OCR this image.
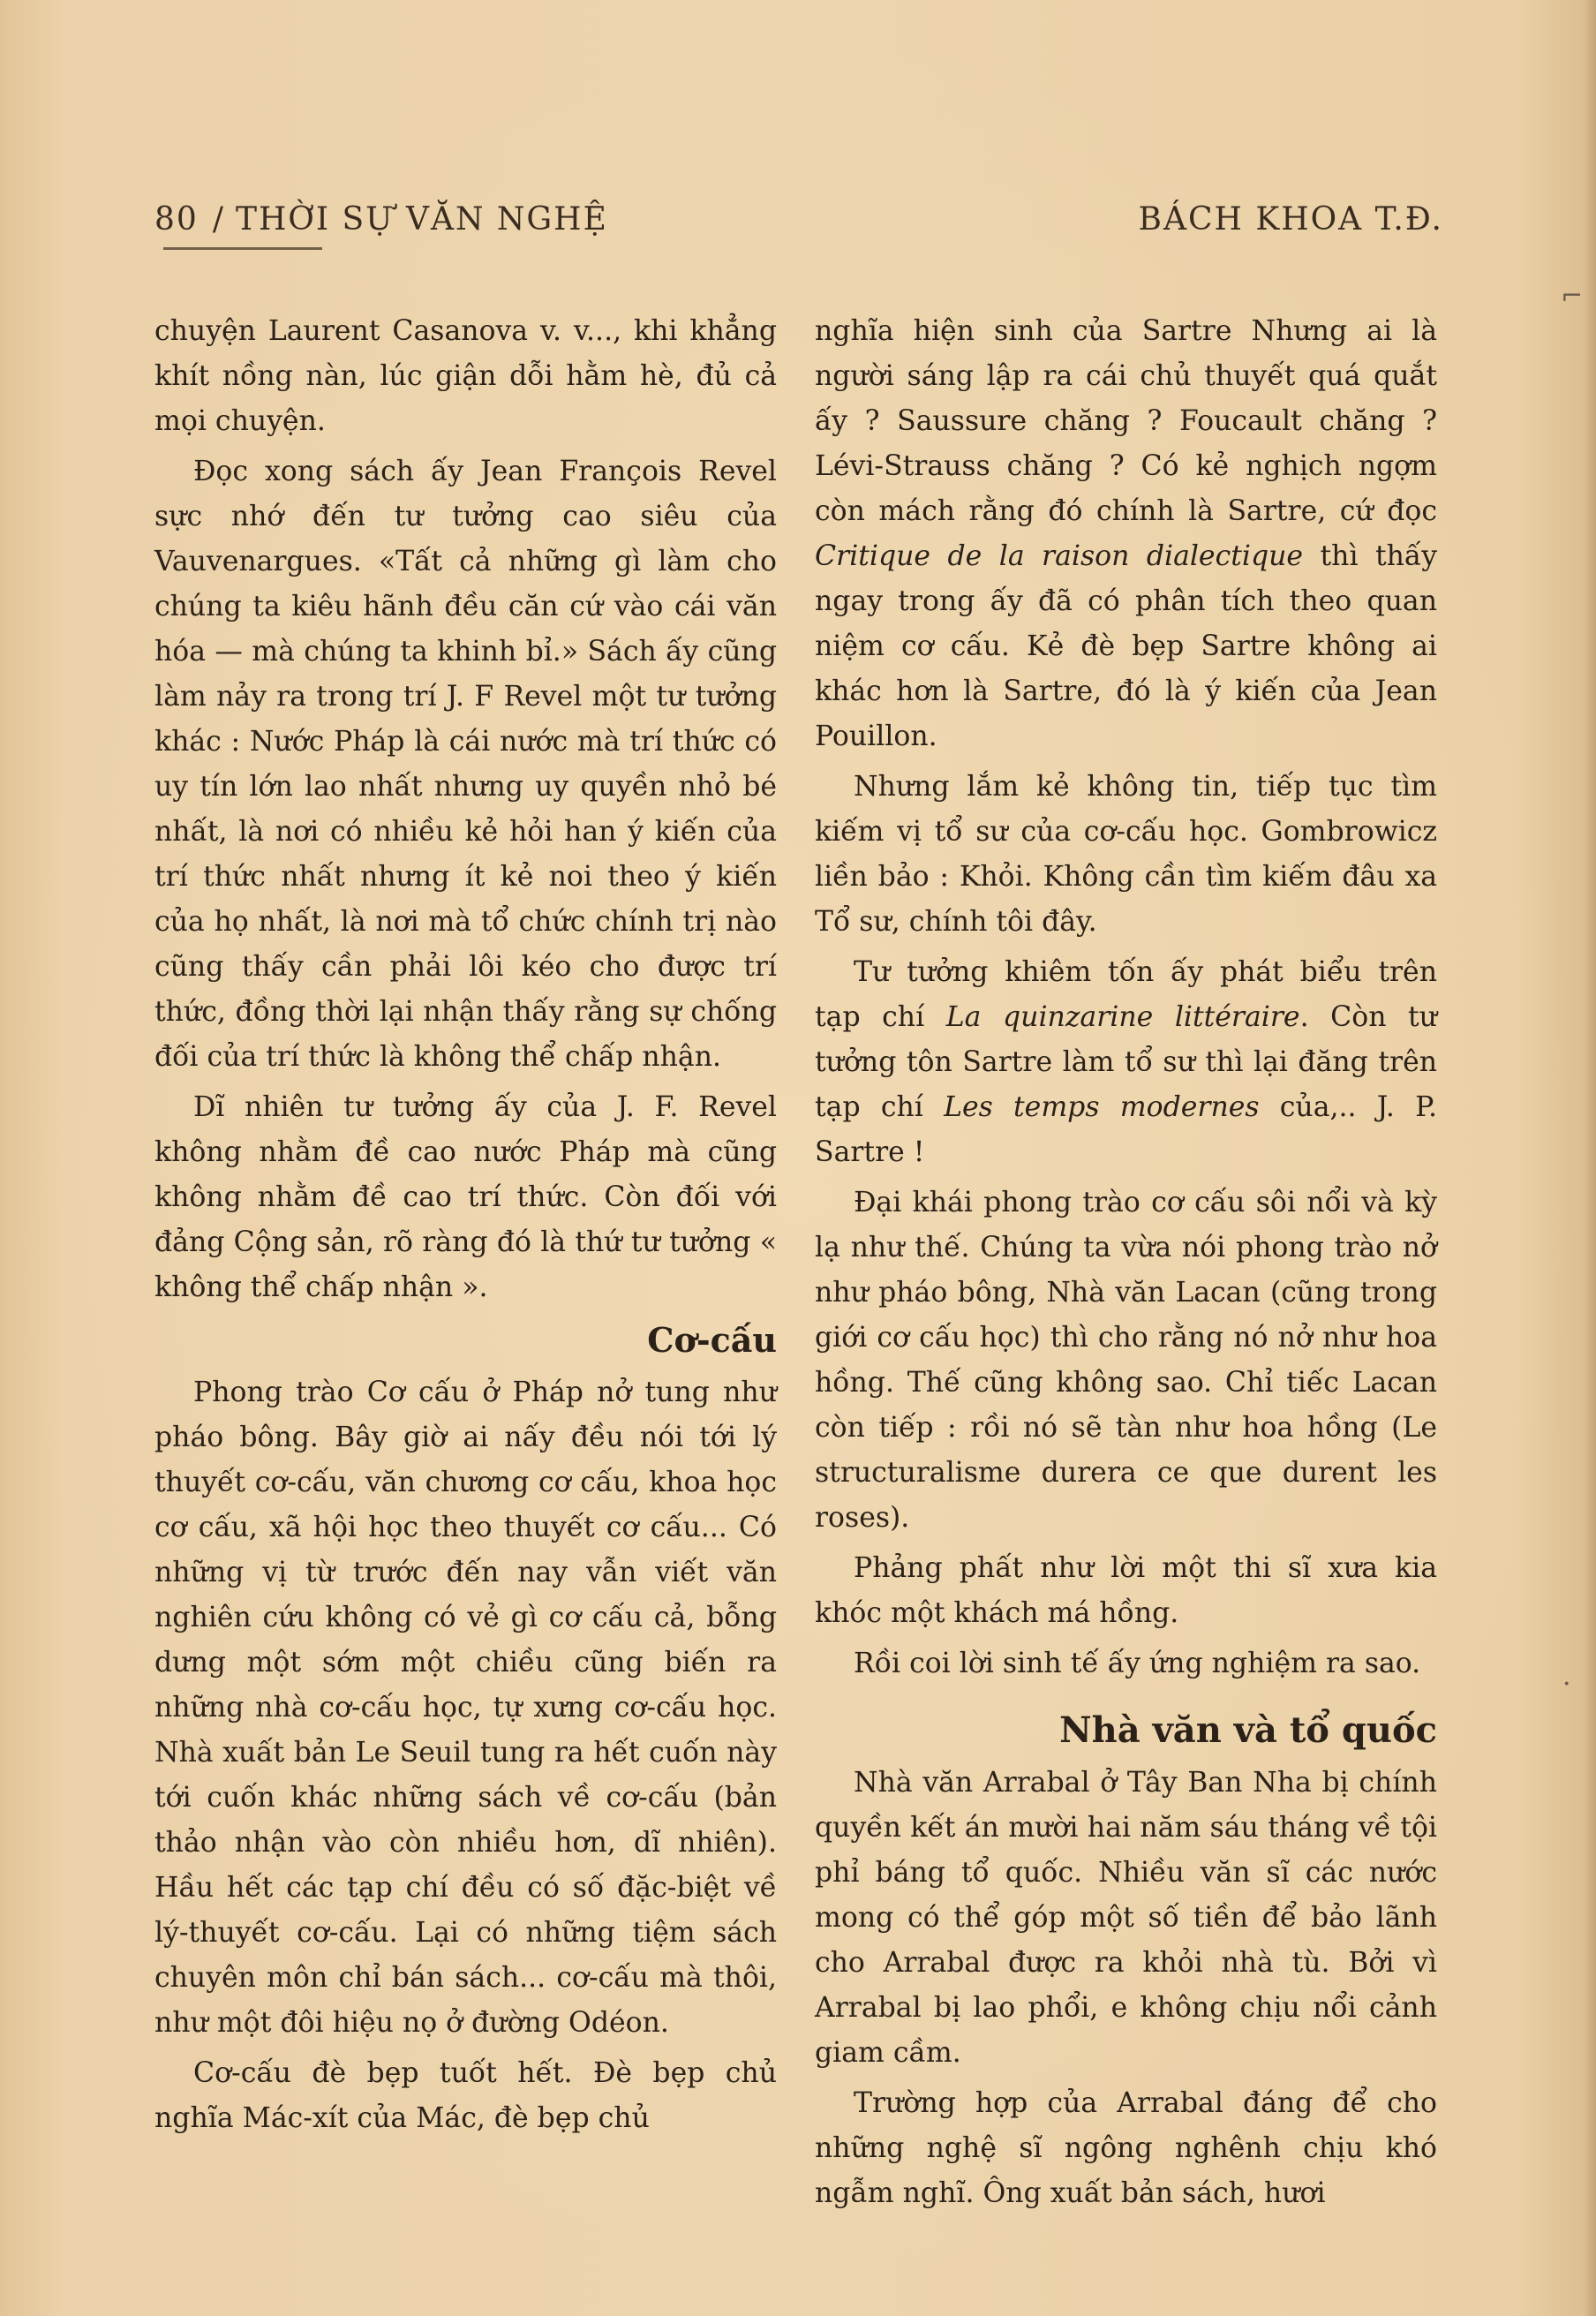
80 / THỜI SỰ VĂN NGHỆ	BÁCH KHOA T.Đ.

chuyện Laurent Casanova v. v..., khi khẳng khít nồng nàn, lúc giận dỗi hằm hè, đủ cả mọi chuyện.

Đọc xong sách ấy Jean François Revel sực nhớ đến tư tưởng cao siêu của Vauvenargues. «Tất cả những gì làm cho chúng ta kiêu hãnh đều căn cứ vào cái văn hóa — mà chúng ta khinh bỉ.» Sách ấy cũng làm nảy ra trong trí J. F Revel một tư tưởng khác : Nước Pháp là cái nước mà trí thức có uy tín lớn lao nhất nhưng uy quyền nhỏ bé nhất, là nơi có nhiều kẻ hỏi han ý kiến của trí thức nhất nhưng ít kẻ noi theo ý kiến của họ nhất, là nơi mà tổ chức chính trị nào cũng thấy cần phải lôi kéo cho được trí thức, đồng thời lại nhận thấy rằng sự chống đối của trí thức là không thể chấp nhận.

Dĩ nhiên tư tưởng ấy của J. F. Revel không nhằm đề cao nước Pháp mà cũng không nhằm đề cao trí thức. Còn đối với đảng Cộng sản, rõ ràng đó là thứ tư tưởng « không thể chấp nhận ».

Cơ-cấu

Phong trào Cơ cấu ở Pháp nở tung như pháo bông. Bây giờ ai nấy đều nói tới lý thuyết cơ-cấu, văn chương cơ cấu, khoa học cơ cấu, xã hội học theo thuyết cơ cấu... Có những vị từ trước đến nay vẫn viết văn nghiên cứu không có vẻ gì cơ cấu cả, bỗng dưng một sớm một chiều cũng biến ra những nhà cơ-cấu học, tự xưng cơ-cấu học. Nhà xuất bản Le Seuil tung ra hết cuốn này tới cuốn khác những sách về cơ-cấu (bản thảo nhận vào còn nhiều hơn, dĩ nhiên). Hầu hết các tạp chí đều có số đặc-biệt về lý-thuyết cơ-cấu. Lại có những tiệm sách chuyên môn chỉ bán sách... cơ-cấu mà thôi, như một đôi hiệu nọ ở đường Odéon.

Cơ-cấu đè bẹp tuốt hết. Đè bẹp chủ nghĩa Mác-xít của Mác, đè bẹp chủ

nghĩa hiện sinh của Sartre Nhưng ai là người sáng lập ra cái chủ thuyết quá quắt ấy ? Saussure chăng ? Foucault chăng ? Lévi-Strauss chăng ? Có kẻ nghịch ngợm còn mách rằng đó chính là Sartre, cứ đọc Critique de la raison dialectique thì thấy ngay trong ấy đã có phân tích theo quan niệm cơ cấu. Kẻ đè bẹp Sartre không ai khác hơn là Sartre, đó là ý kiến của Jean Pouillon.

Nhưng lắm kẻ không tin, tiếp tục tìm kiếm vị tổ sư của cơ-cấu học. Gombrowicz liền bảo : Khỏi. Không cần tìm kiếm đâu xa Tổ sư, chính tôi đây.

Tư tưởng khiêm tốn ấy phát biểu trên tạp chí La quinzarine littéraire. Còn tư tưởng tôn Sartre làm tổ sư thì lại đăng trên tạp chí Les temps modernes của,.. J. P. Sartre !

Đại khái phong trào cơ cấu sôi nổi và kỳ lạ như thế. Chúng ta vừa nói phong trào nở như pháo bông, Nhà văn Lacan (cũng trong giới cơ cấu học) thì cho rằng nó nở như hoa hồng. Thế cũng không sao. Chỉ tiếc Lacan còn tiếp : rồi nó sẽ tàn như hoa hồng (Le structuralisme durera ce que durent les roses).

Phảng phất như lời một thi sĩ xưa kia khóc một khách má hồng.

Rồi coi lời sinh tế ấy ứng nghiệm ra sao.

Nhà văn và tổ quốc

Nhà văn Arrabal ở Tây Ban Nha bị chính quyền kết án mười hai năm sáu tháng về tội phỉ báng tổ quốc. Nhiều văn sĩ các nước mong có thể góp một số tiền để bảo lãnh cho Arrabal được ra khỏi nhà tù. Bởi vì Arrabal bị lao phổi, e không chịu nổi cảnh giam cầm.

Trường hợp của Arrabal đáng để cho những nghệ sĩ ngông nghênh chịu khó ngẫm nghĩ. Ông xuất bản sách, hươi

⌐
·
